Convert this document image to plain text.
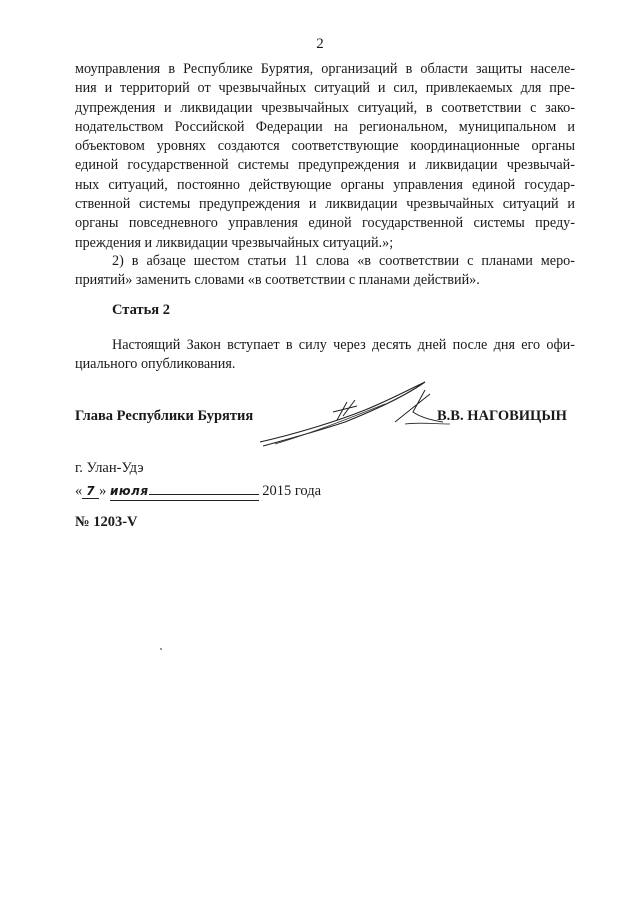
2
моуправления в Республике Бурятия, организаций в области защиты населе-
ния и территорий от чрезвычайных ситуаций и сил, привлекаемых для пре-
дупреждения и ликвидации чрезвычайных ситуаций, в соответствии с зако-
нодательством Российской Федерации на региональном, муниципальном и
объектовом уровнях создаются соответствующие координационные органы
единой государственной системы предупреждения и ликвидации чрезвычай-
ных ситуаций, постоянно действующие органы управления единой государ-
ственной системы предупреждения и ликвидации чрезвычайных ситуаций и
органы повседневного управления единой государственной системы преду-
преждения и ликвидации чрезвычайных ситуаций.»;
2) в абзаце шестом статьи 11 слова «в соответствии с планами меро-
приятий» заменить словами «в соответствии с планами действий».
Статья 2
Настоящий Закон вступает в силу через десять дней после дня его офи-
циального опубликования.
Глава Республики Бурятия	В.В. НАГОВИЦЫН
г. Улан-Удэ
« 7 » июля	2015 года
№ 1203-V
